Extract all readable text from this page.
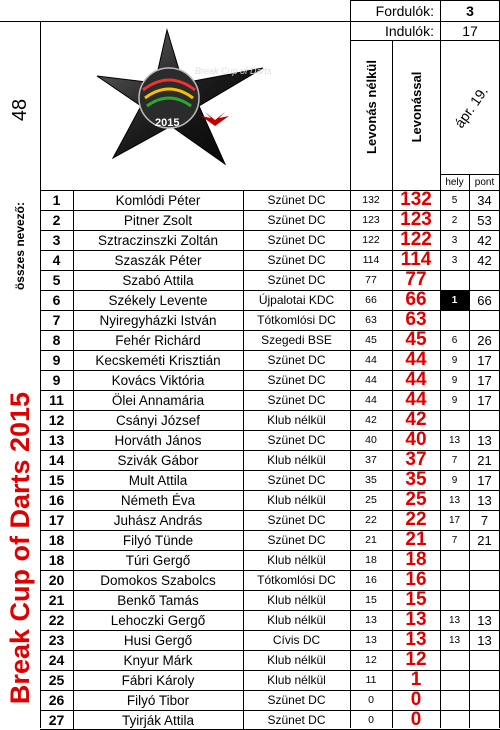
Fordulók:	3
Indulók:	17
48	Levonás nélkül Levonással	ápr. 19.
hely	pont
Break Cup of Darts
2015
összes nevező:
Break Cup of Darts 2015
1	Komlódi Péter	Szünet DC	132	132	5	34
2	Pitner Zsolt	Szünet DC	123	123	2	53
3	Sztraczinszki Zoltán	Szünet DC	122	122	3	42
4	Szaszák Péter	Szünet DC	114	114	3	42
5	Szabó Attila	Szünet DC	77	77
6	Székely Levente	Újpalotai KDC	66	66	1	66
7	Nyiregyházki István	Tótkomlósi DC	63	63
8	Fehér Richárd	Szegedi BSE	45	45	6	26
9	Kecskeméti Krisztián	Szünet DC	44	44	9	17
9	Kovács Viktória	Szünet DC	44	44	9	17
11	Ölei Annamária	Szünet DC	44	44	9	17
12	Csányi József	Klub nélkül	42	42
13	Horváth János	Szünet DC	40	40	13	13
14	Szivák Gábor	Klub nélkül	37	37	7	21
15	Mult Attila	Szünet DC	35	35	9	17
16	Németh Éva	Klub nélkül	25	25	13	13
17	Juhász András	Szünet DC	22	22	17	7
18	Filyó Tünde	Szünet DC	21	21	7	21
18	Túri Gergő	Klub nélkül	18	18
20	Domokos Szabolcs	Tótkomlósi DC	16	16
21	Benkő Tamás	Klub nélkül	15	15
22	Lehoczki Gergő	Klub nélkül	13	13	13	13
23	Husi Gergő	Cívis DC	13	13	13	13
24	Knyur Márk	Klub nélkül	12	12
25	Fábri Károly	Klub nélkül	11	1
26	Filyó Tibor	Szünet DC	0	0
27	Tyirják Attila	Szünet DC	0	0
